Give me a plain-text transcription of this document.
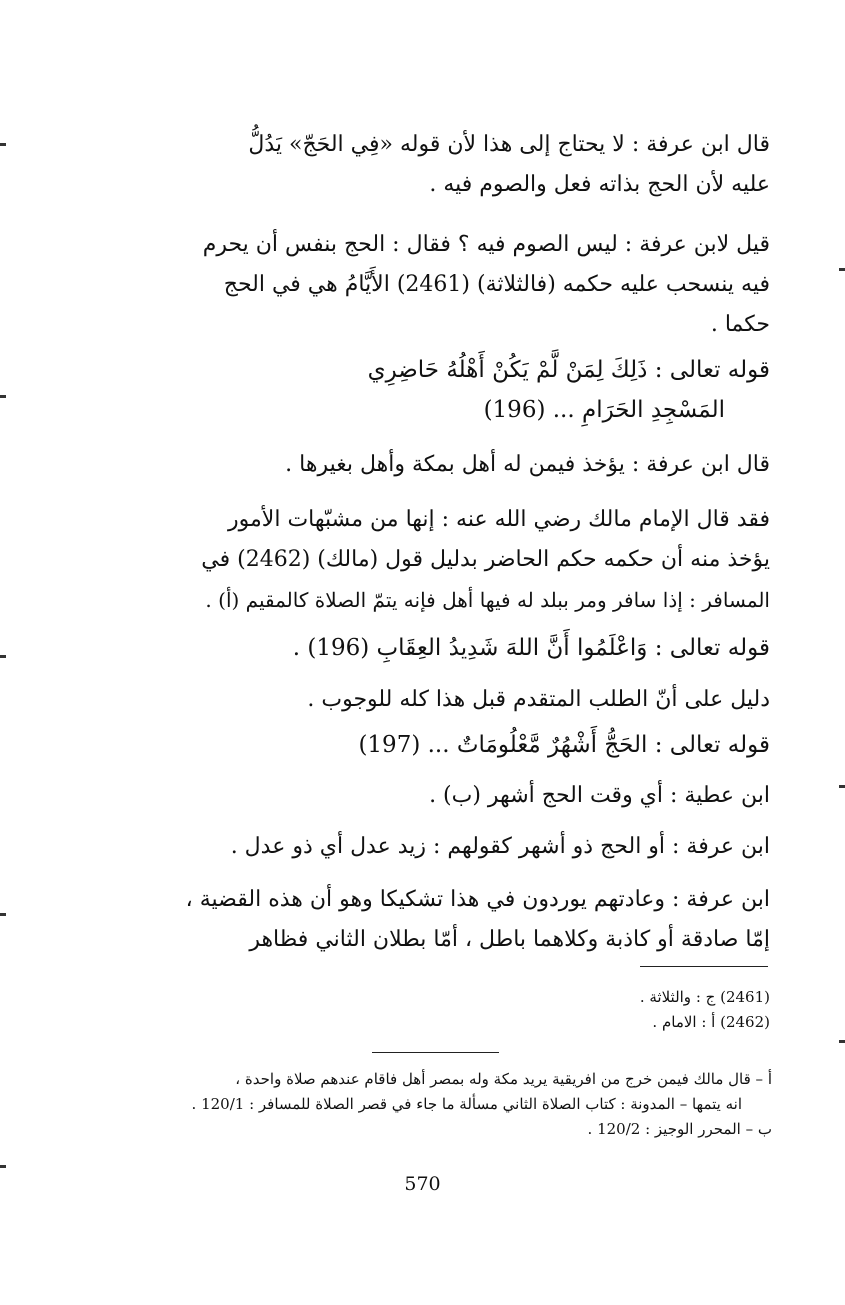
قال ابن عرفة : لا يحتاج إلى هذا لأن قوله «فِي الحَجّ» يَدُلُّ
عليه لأن الحج بذاته فعل والصوم فيه .
قيل لابن عرفة : ليس الصوم فيه ؟ فقال : الحج بنفس أن يحرم
فيه ينسحب عليه حكمه (فالثلاثة) (2461) الأَيَّامُ هي في الحج
حكما .
قوله تعالى : ذَلِكَ لِمَنْ لَّمْ يَكُنْ أَهْلُهُ حَاضِرِي
المَسْجِدِ الحَرَامِ ... (196)
قال ابن عرفة : يؤخذ فيمن له أهل بمكة وأهل بغيرها .
فقد قال الإمام مالك رضي الله عنه : إنها من مشبّهات الأمور
يؤخذ منه أن حكمه حكم الحاضر بدليل قول (مالك) (2462) في
المسافر : إذا سافر ومر ببلد له فيها أهل فإنه يتمّ الصلاة كالمقيم (أ) .
قوله تعالى : وَاعْلَمُوا أَنَّ اللهَ شَدِيدُ العِقَابِ (196) .
دليل على أنّ الطلب المتقدم قبل هذا كله للوجوب .
قوله تعالى : الحَجُّ أَشْهُرٌ مَّعْلُومَاتٌ ... (197)
ابن عطية : أي وقت الحج أشهر (ب) .
ابن عرفة : أو الحج ذو أشهر كقولهم : زيد عدل أي ذو عدل .
ابن عرفة : وعادتهم يوردون في هذا تشكيكا وهو أن هذه القضية ،
إمّا صادقة أو كاذبة وكلاهما باطل ، أمّا بطلان الثاني فظاهر
(2461) ج : والثلاثة .
(2462) أ : الامام .
أ – قال مالك فيمن خرج من افريقية يريد مكة وله بمصر أهل فاقام عندهم صلاة واحدة ،
انه يتمها – المدونة : كتاب الصلاة الثاني مسألة ما جاء في قصر الصلاة للمسافر : 120/1 .
ب – المحرر الوجيز : 120/2 .
570
